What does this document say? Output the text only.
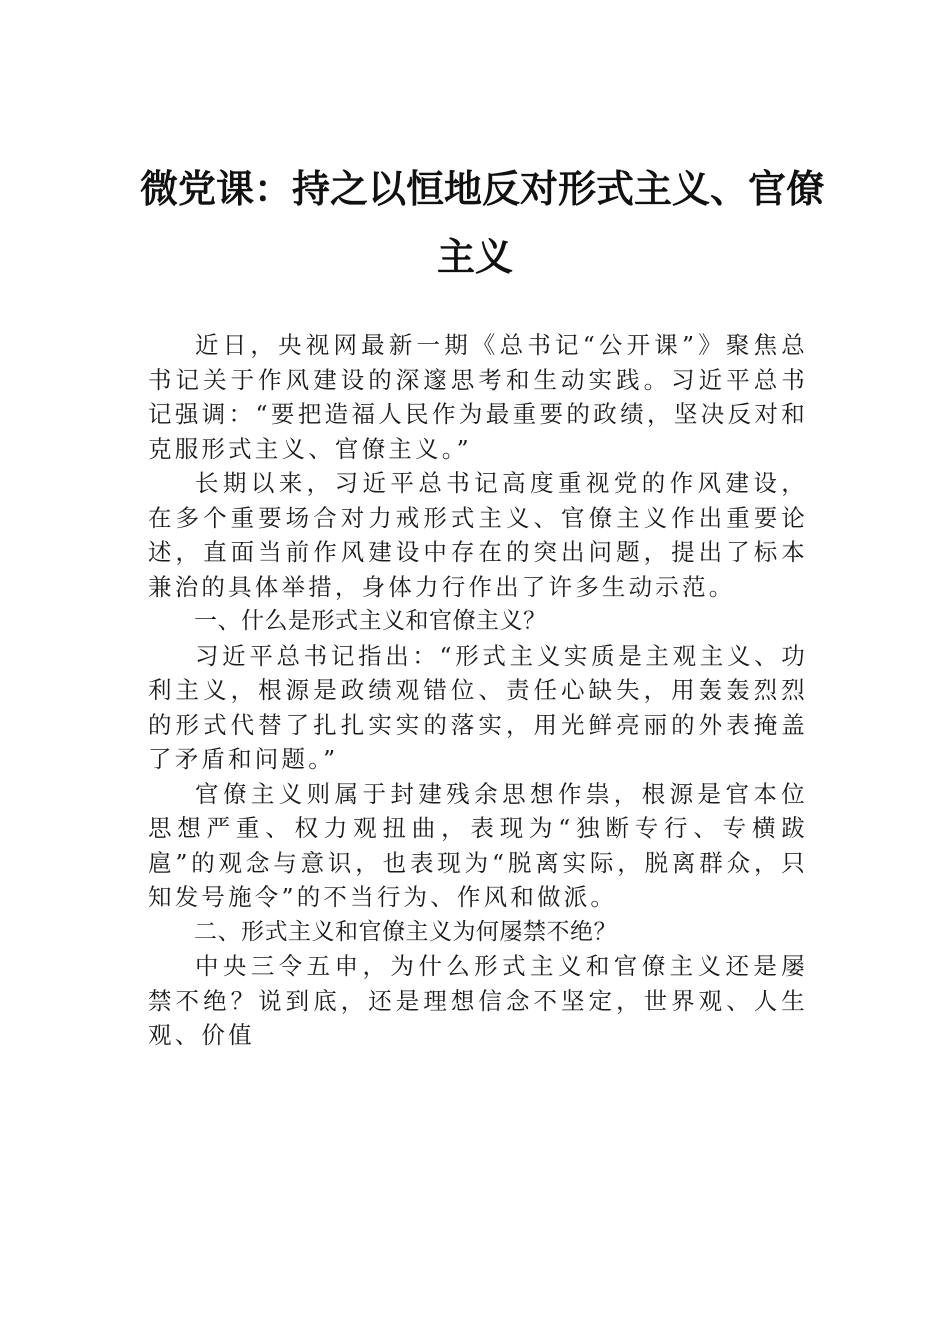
微党课：持之以恒地反对形式主义、官僚
主义

近日，央视网最新一期《总书记“公开课”》聚焦总书记关于作风建设的深邃思考和生动实践。习近平总书记强调：“要把造福人民作为最重要的政绩，坚决反对和克服形式主义、官僚主义。”

长期以来，习近平总书记高度重视党的作风建设，在多个重要场合对力戒形式主义、官僚主义作出重要论述，直面当前作风建设中存在的突出问题，提出了标本兼治的具体举措，身体力行作出了许多生动示范。

一、什么是形式主义和官僚主义？

习近平总书记指出：“形式主义实质是主观主义、功利主义，根源是政绩观错位、责任心缺失，用轰轰烈烈的形式代替了扎扎实实的落实，用光鲜亮丽的外表掩盖了矛盾和问题。”

官僚主义则属于封建残余思想作祟，根源是官本位思想严重、权力观扭曲，表现为“独断专行、专横跋扈”的观念与意识，也表现为“脱离实际，脱离群众，只知发号施令”的不当行为、作风和做派。

二、形式主义和官僚主义为何屡禁不绝？

中央三令五申，为什么形式主义和官僚主义还是屡禁不绝？说到底，还是理想信念不坚定，世界观、人生观、价值
